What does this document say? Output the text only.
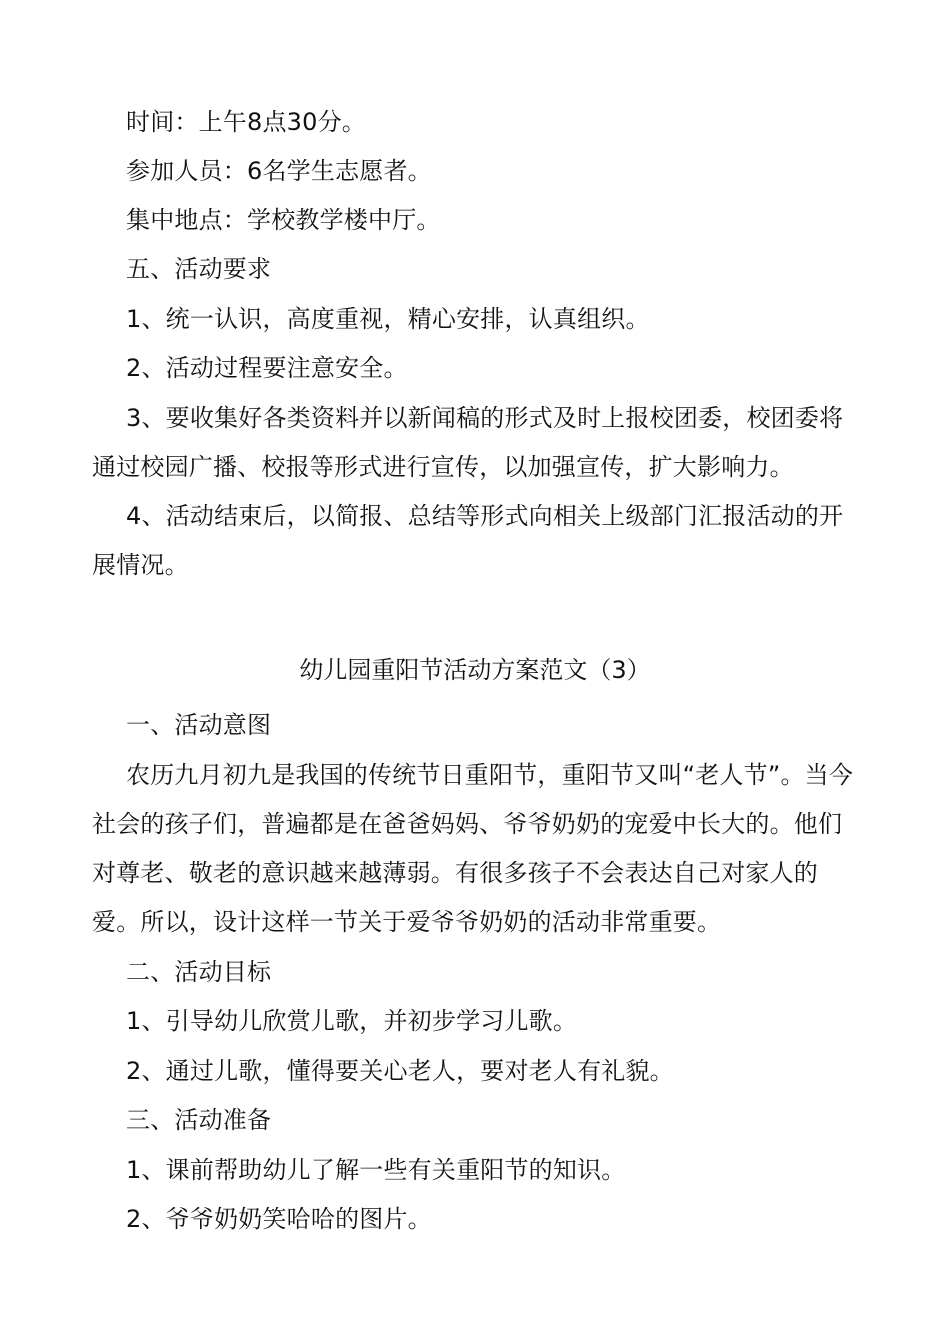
时间：上午8点30分。

参加人员：6名学生志愿者。

集中地点：学校教学楼中厅。

五、活动要求

1、统一认识，高度重视，精心安排，认真组织。

2、活动过程要注意安全。

3、要收集好各类资料并以新闻稿的形式及时上报校团委，校团委将通过校园广播、校报等形式进行宣传，以加强宣传，扩大影响力。

4、活动结束后，以简报、总结等形式向相关上级部门汇报活动的开展情况。

幼儿园重阳节活动方案范文（3）

一、活动意图

农历九月初九是我国的传统节日重阳节，重阳节又叫“老人节”。当今社会的孩子们，普遍都是在爸爸妈妈、爷爷奶奶的宠爱中长大的。他们对尊老、敬老的意识越来越薄弱。有很多孩子不会表达自己对家人的爱。所以，设计这样一节关于爱爷爷奶奶的活动非常重要。

二、活动目标

1、引导幼儿欣赏儿歌，并初步学习儿歌。

2、通过儿歌，懂得要关心老人，要对老人有礼貌。

三、活动准备

1、课前帮助幼儿了解一些有关重阳节的知识。

2、爷爷奶奶笑哈哈的图片。
